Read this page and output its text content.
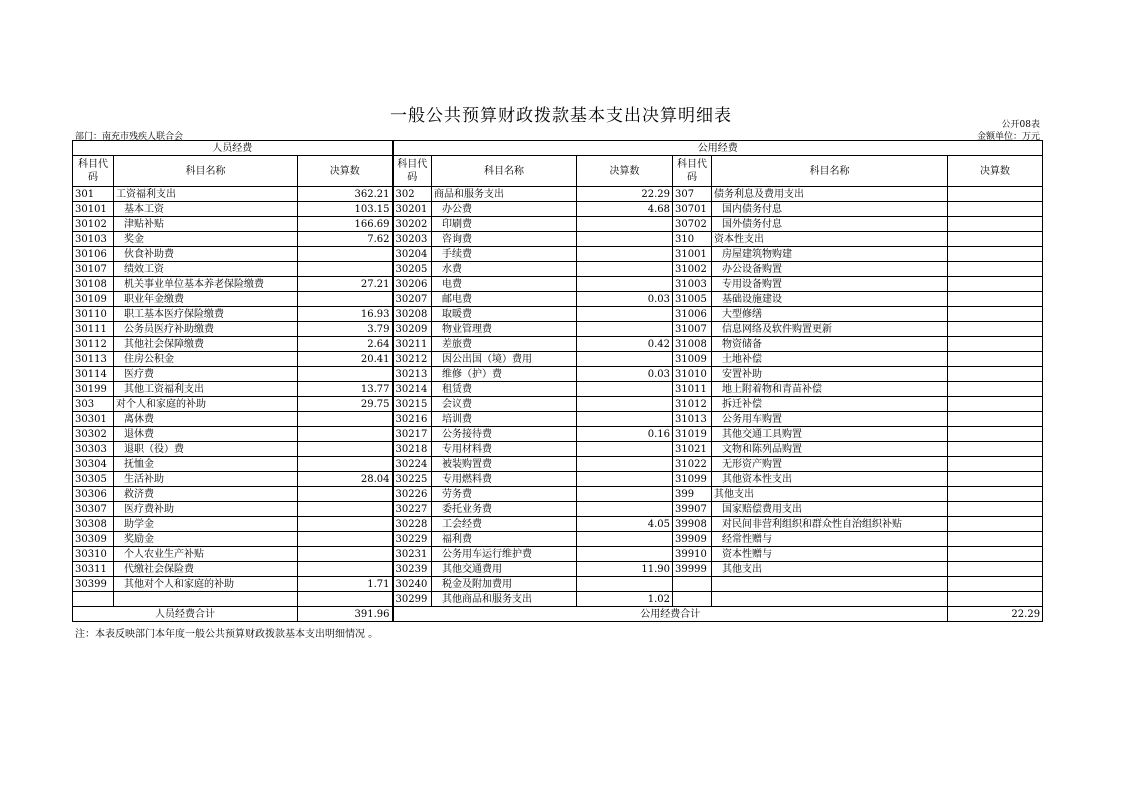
一般公共预算财政拨款基本支出决算明细表	公开08表
部门：南充市残疾人联合会	金额单位：万元
人员经费			公用经费					
科目代码	科目名称	决算数	科目代码	科目名称	决算数	科目代码	科目名称	决算数
301	工资福利支出	362.21	302	商品和服务支出	22.29	307	债务利息及费用支出	
30101	基本工资	103.15	30201	办公费	4.68	30701	国内债务付息	
30102	津贴补贴	166.69	30202	印刷费		30702	国外债务付息	
30103	奖金	7.62	30203	咨询费		310	资本性支出	
30106	伙食补助费		30204	手续费		31001	房屋建筑物购建	
30107	绩效工资		30205	水费		31002	办公设备购置	
30108	机关事业单位基本养老保险缴费	27.21	30206	电费		31003	专用设备购置	
30109	职业年金缴费		30207	邮电费	0.03	31005	基础设施建设	
30110	职工基本医疗保险缴费	16.93	30208	取暖费		31006	大型修缮	
30111	公务员医疗补助缴费	3.79	30209	物业管理费		31007	信息网络及软件购置更新	
30112	其他社会保障缴费	2.64	30211	差旅费	0.42	31008	物资储备	
30113	住房公积金	20.41	30212	因公出国（境）费用		31009	土地补偿	
30114	医疗费		30213	维修（护）费	0.03	31010	安置补助	
30199	其他工资福利支出	13.77	30214	租赁费		31011	地上附着物和青苗补偿	
303	对个人和家庭的补助	29.75	30215	会议费		31012	拆迁补偿	
30301	离休费		30216	培训费		31013	公务用车购置	
30302	退休费		30217	公务接待费	0.16	31019	其他交通工具购置	
30303	退职（役）费		30218	专用材料费		31021	文物和陈列品购置	
30304	抚恤金		30224	被装购置费		31022	无形资产购置	
30305	生活补助	28.04	30225	专用燃料费		31099	其他资本性支出	
30306	救济费		30226	劳务费		399	其他支出	
30307	医疗费补助		30227	委托业务费		39907	国家赔偿费用支出	
30308	助学金		30228	工会经费	4.05	39908	对民间非营利组织和群众性自治组织补贴	
30309	奖励金		30229	福利费		39909	经常性赠与	
30310	个人农业生产补贴		30231	公务用车运行维护费		39910	资本性赠与	
30311	代缴社会保险费		30239	其他交通费用	11.90	39999	其他支出	
30399	其他对个人和家庭的补助	1.71	30240	税金及附加费用				
			30299	其他商品和服务支出	1.02			
人员经费合计		391.96	公用经费合计					22.29
注：本表反映部门本年度一般公共预算财政拨款基本支出明细情况 。
